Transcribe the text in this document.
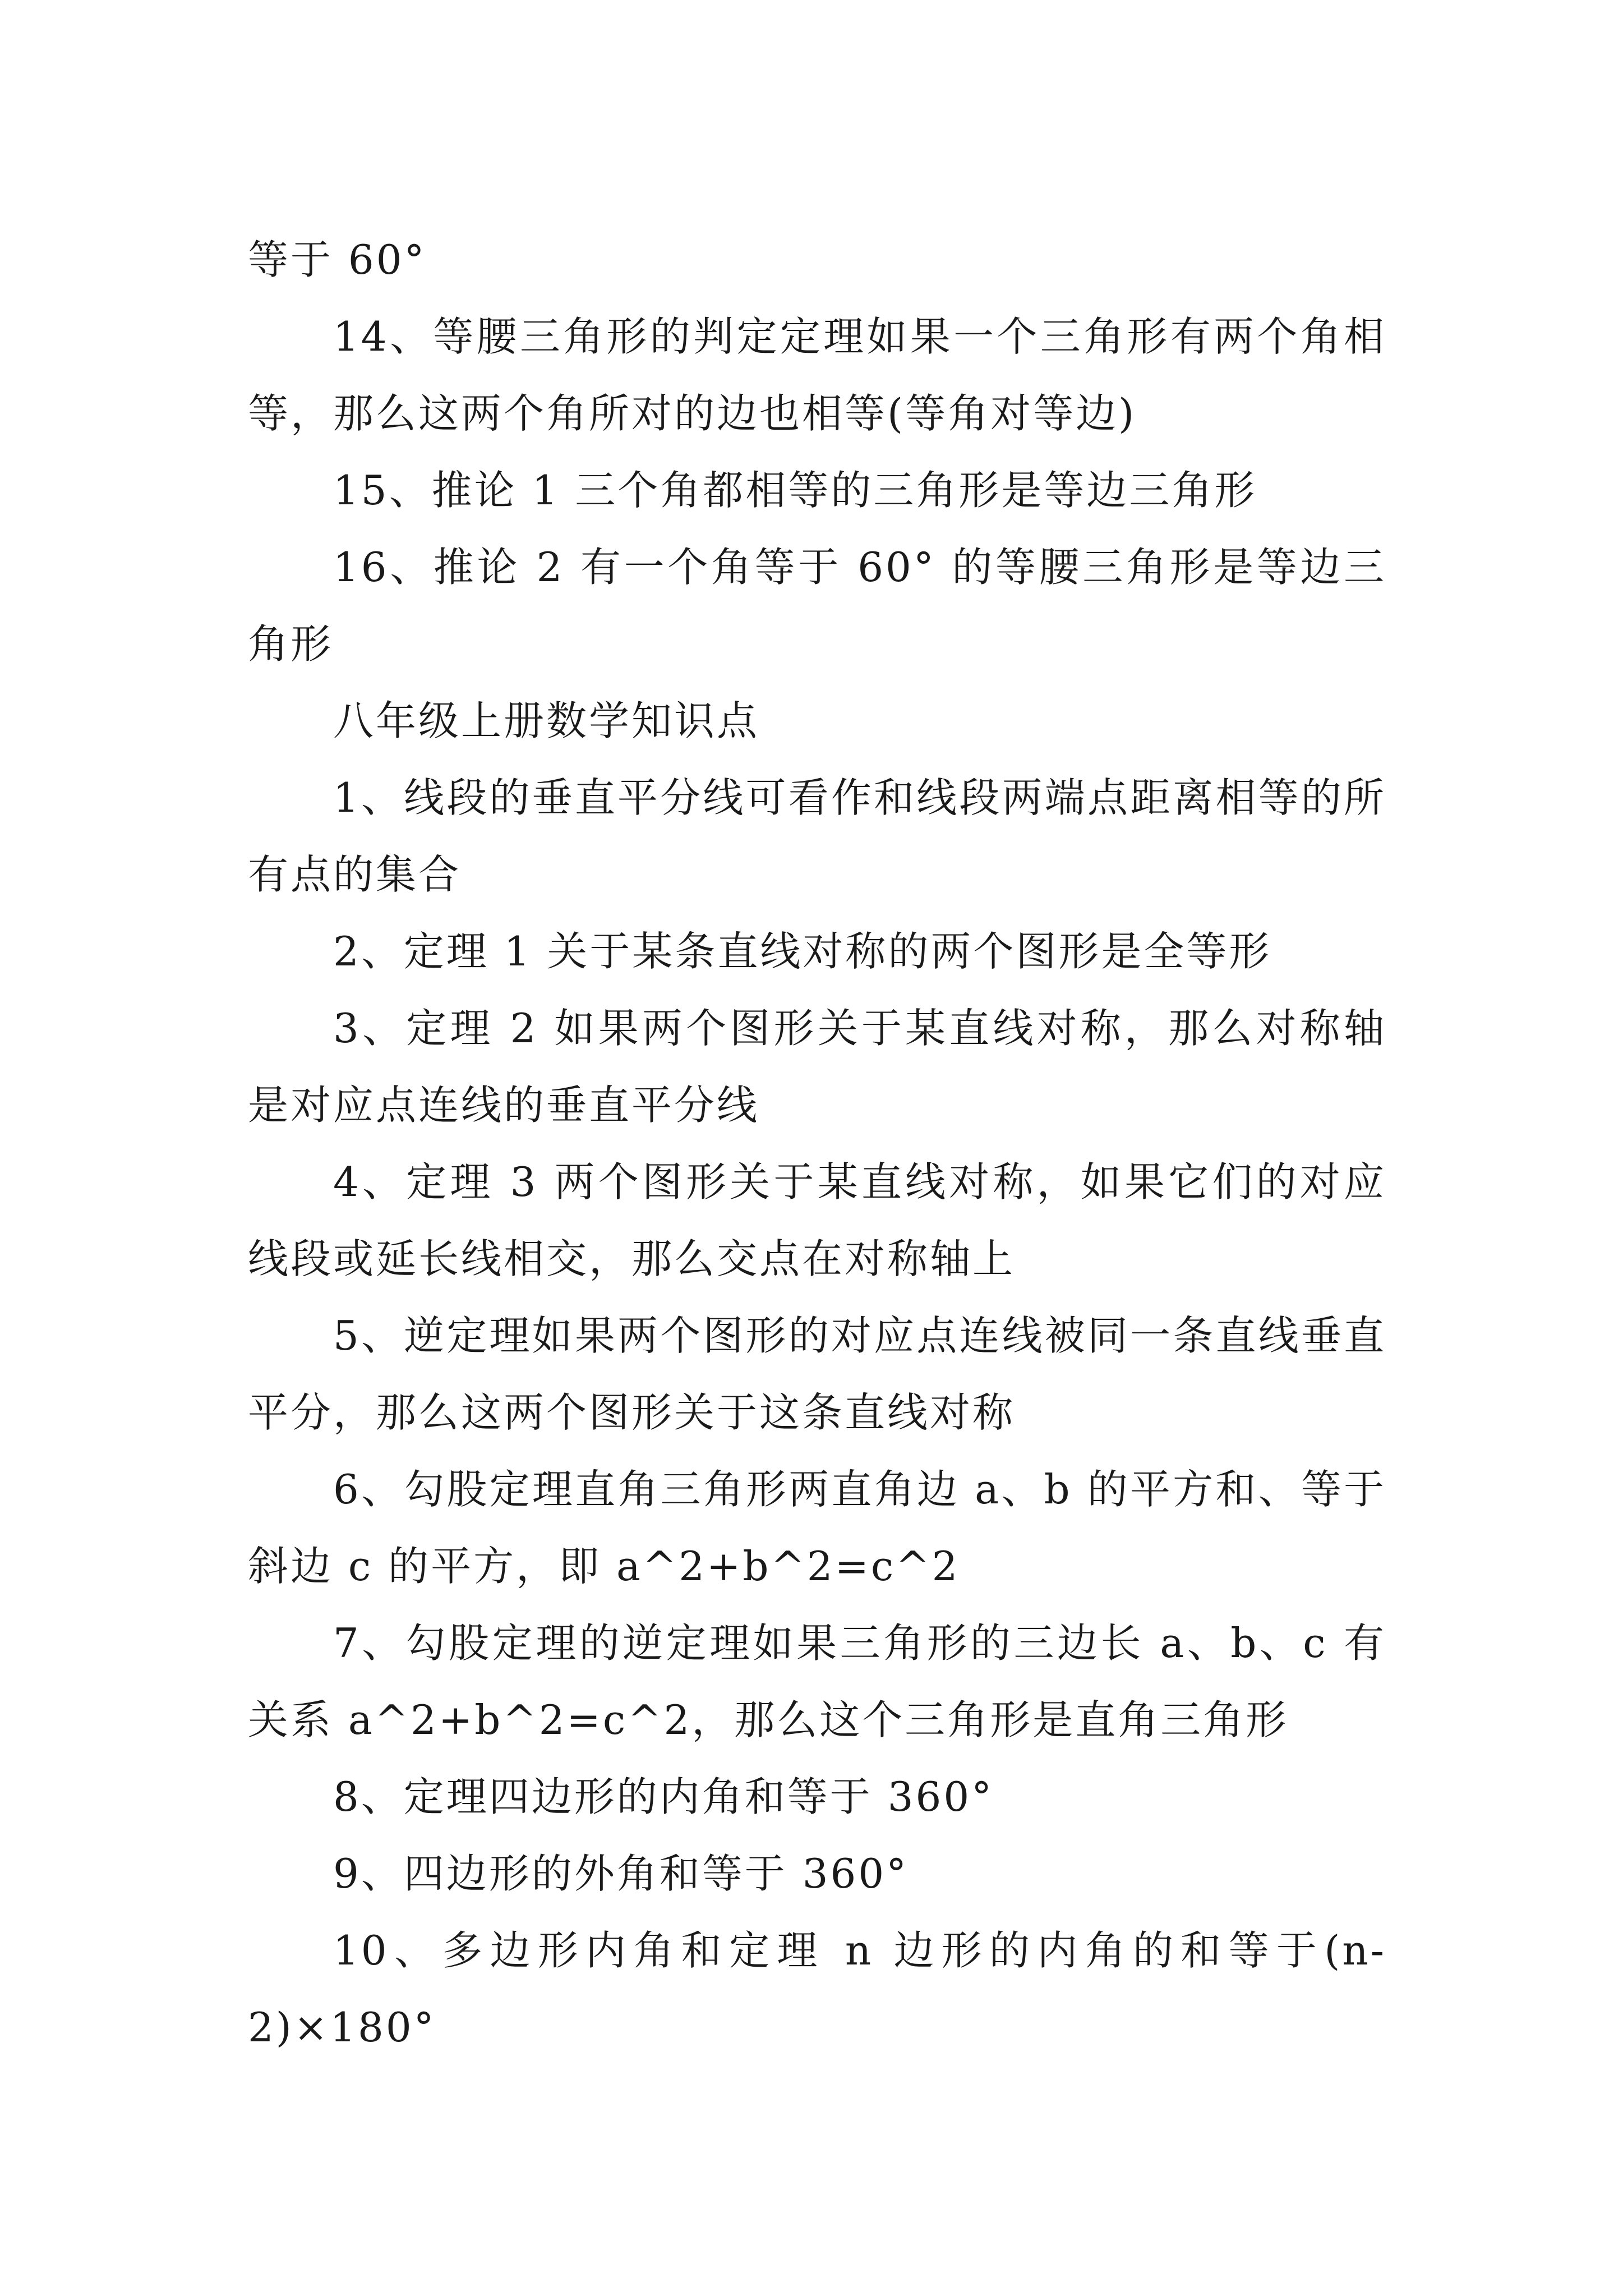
等于 60°

14、等腰三角形的判定定理如果一个三角形有两个角相等，那么这两个角所对的边也相等(等角对等边)

15、推论 1 三个角都相等的三角形是等边三角形

16、推论 2 有一个角等于 60° 的等腰三角形是等边三角形

八年级上册数学知识点

1、线段的垂直平分线可看作和线段两端点距离相等的所有点的集合

2、定理 1 关于某条直线对称的两个图形是全等形

3、定理 2 如果两个图形关于某直线对称，那么对称轴是对应点连线的垂直平分线

4、定理 3 两个图形关于某直线对称，如果它们的对应线段或延长线相交，那么交点在对称轴上

5、逆定理如果两个图形的对应点连线被同一条直线垂直平分，那么这两个图形关于这条直线对称

6、勾股定理直角三角形两直角边 a、b 的平方和、等于斜边 c 的平方，即 a^2+b^2=c^2

7、勾股定理的逆定理如果三角形的三边长 a、b、c 有关系 a^2+b^2=c^2，那么这个三角形是直角三角形

8、定理四边形的内角和等于 360°

9、四边形的外角和等于 360°

10、多边形内角和定理 n 边形的内角的和等于(n-2)×180°
